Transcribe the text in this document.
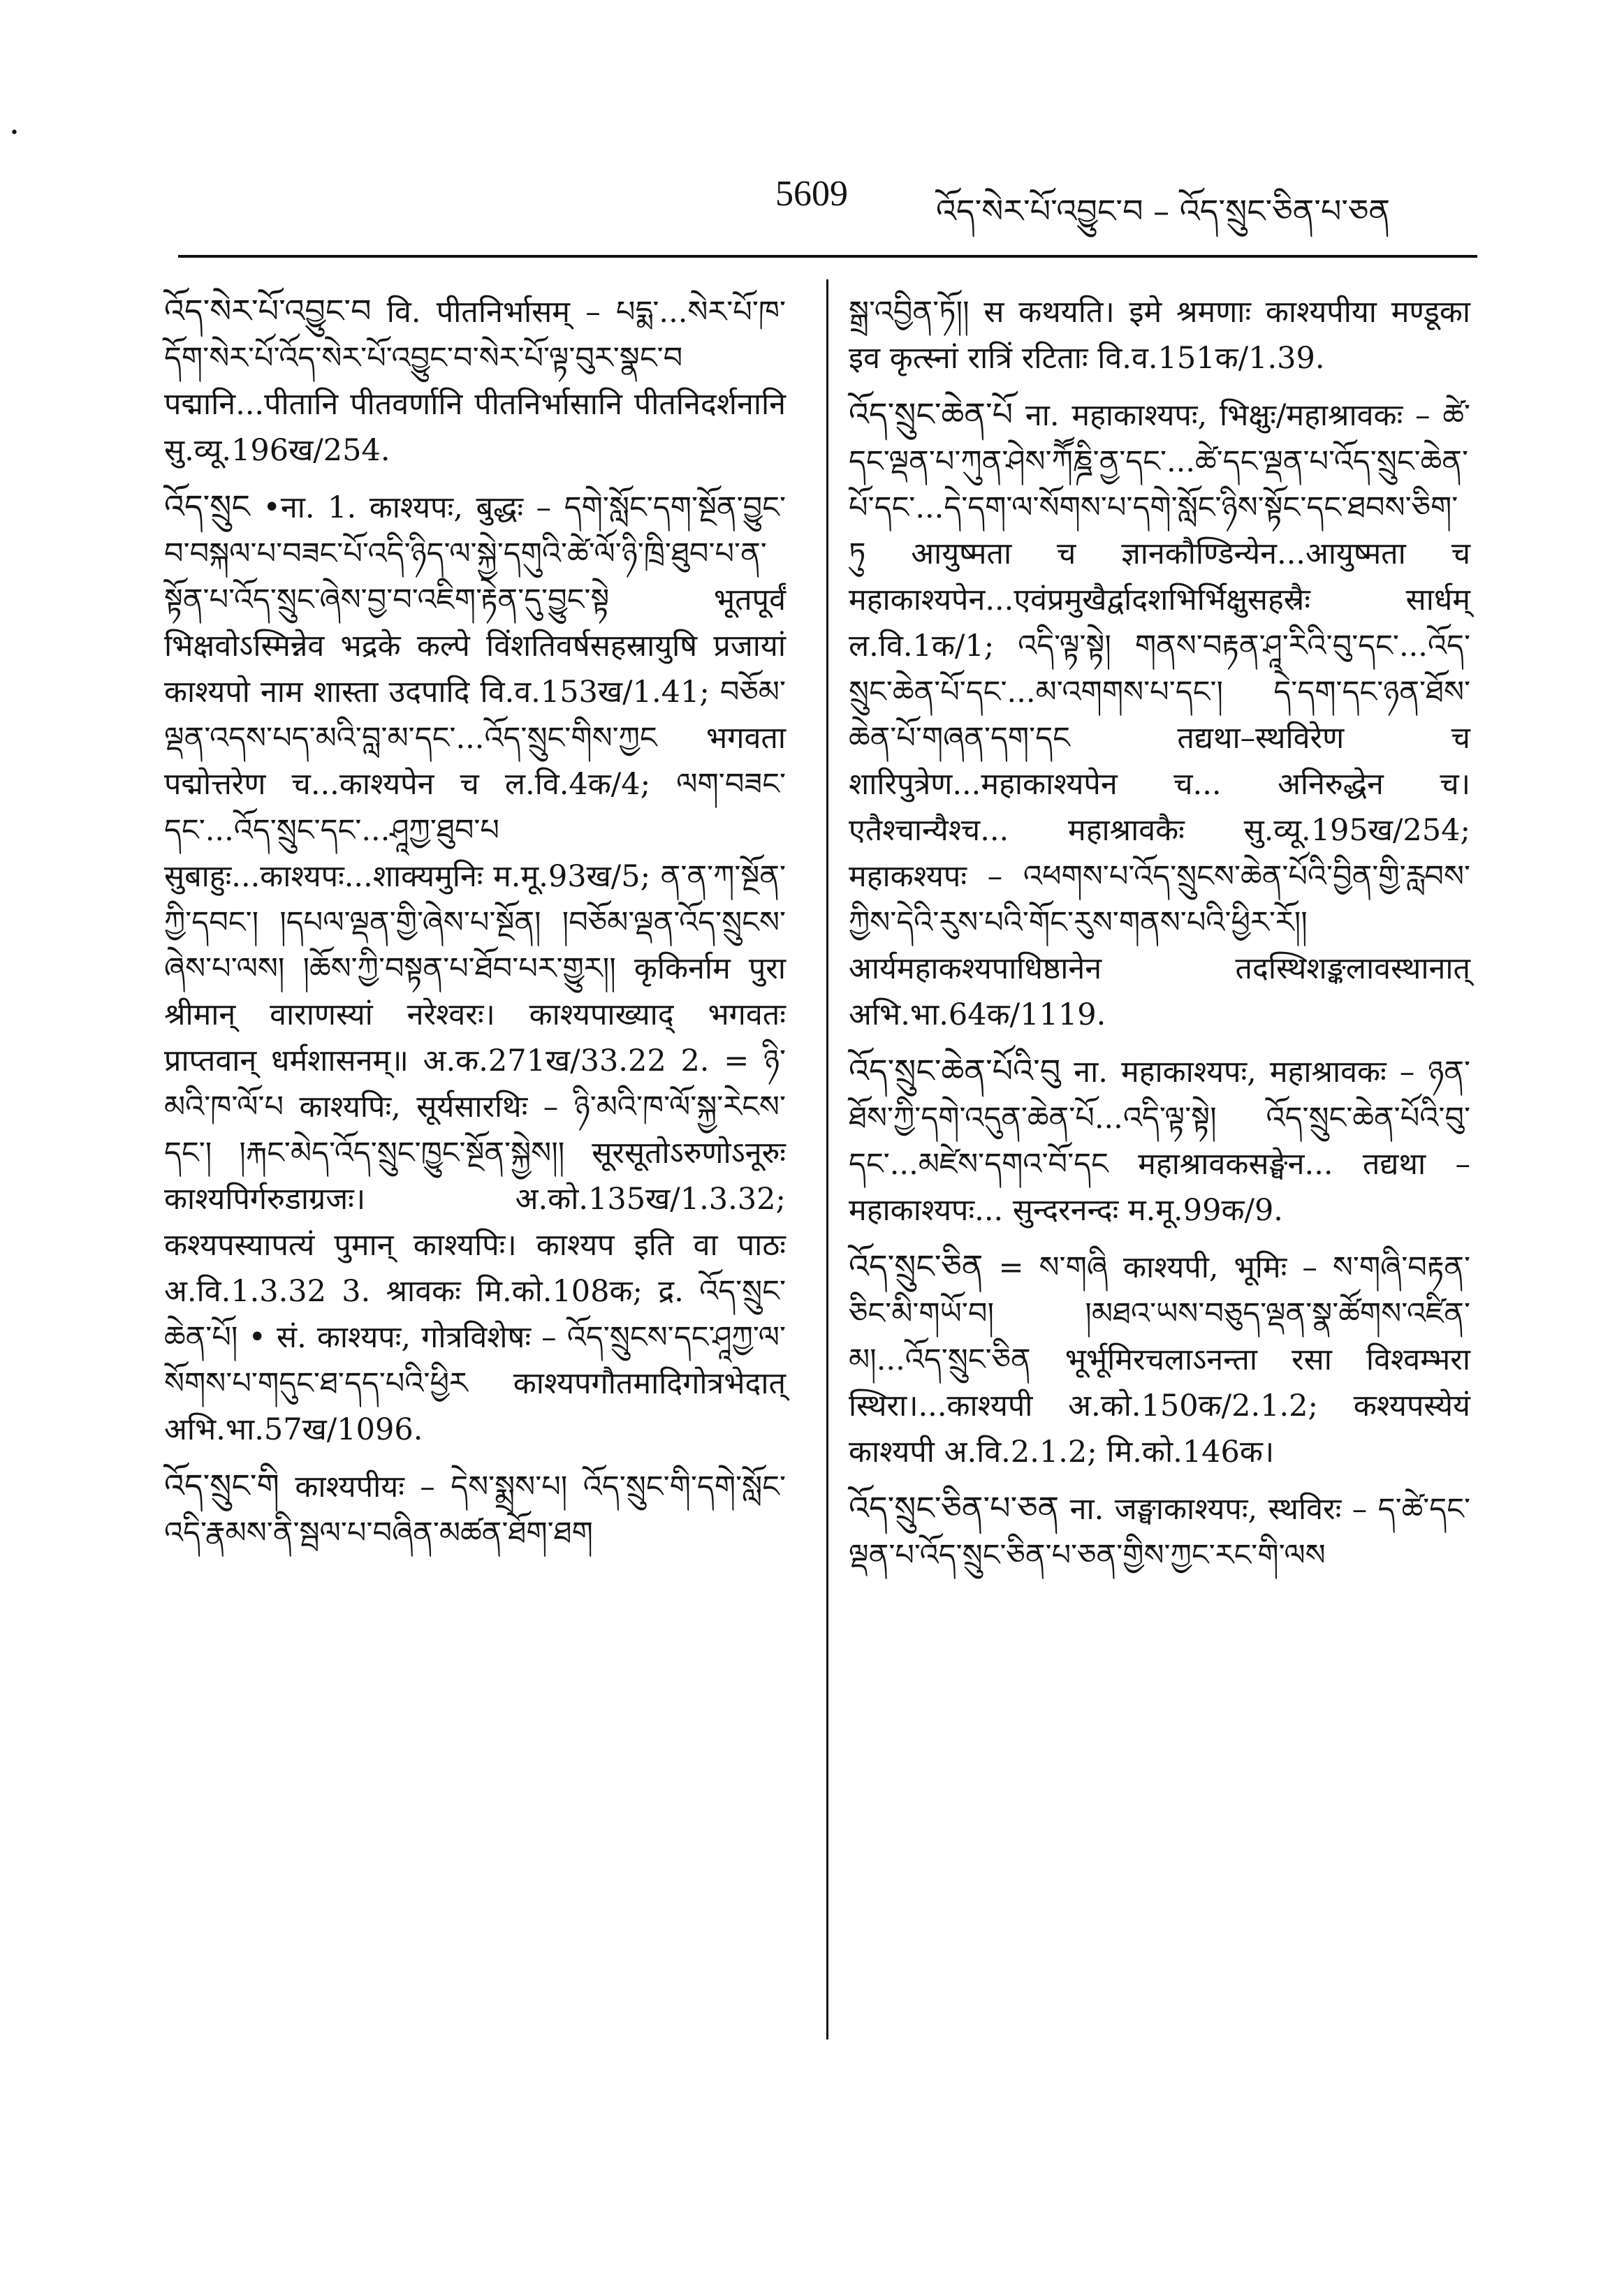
•
5609	འོད་སེར་པོ་འབྱུང་བ – འོད་སྲུང་ཅིན་པ་ཅན

འོད་སེར་པོ་འབྱུང་བ वि. पीतनिर्भासम् – པདྨ་...སེར་པོ་ཁ་དོག་སེར་པོ་འོད་སེར་པོ་འབྱུང་བ་སེར་པོ་ལྟ་བུར་སྣང་བ पद्मानि...पीतानि पीतवर्णानि पीतनिर्भासानि पीतनिदर्शनानि सु.व्यू.196ख/254.

འོད་སྲུང •ना. 1. काश्यपः, बुद्धः – དགེ་སློང་དག་སྔོན་བྱུང་བ་བསྐལ་པ་བཟང་པོ་འདི་ཉིད་ལ་སྐྱེ་དགུའི་ཚེ་ལོ་ཉི་ཁྲི་ཐུབ་པ་ན་སྟོན་པ་འོད་སྲུང་ཞེས་བྱ་བ་འཇིག་རྟེན་དུ་བྱུང་སྟེ भूतपूर्वं भिक्षवोऽस्मिन्नेव भद्रके कल्पे विंशतिवर्षसहस्रायुषि प्रजायां काश्यपो नाम शास्ता उदपादि वि.व.153ख/1.41; བཅོམ་ལྡན་འདས་པད་མའི་བླ་མ་དང་...འོད་སྲུང་གིས་ཀྱང भगवता पद्मोत्तरेण च...काश्यपेन च ल.वि.4क/4; ལག་བཟང་དང་...འོད་སྲུང་དང་...ཤཱཀྱ་ཐུབ་པ सुबाहुः...काश्यपः...शाक्यमुनिः म.मू.93ख/5; ན་ན་ཀ་སྔོན་ཀྱི་དབང་། །དཔལ་ལྡན་གྱི་ཞེས་པ་སྔོན། །བཅོམ་ལྡན་འོད་སྲུངས་ཞེས་པ་ལས། །ཆོས་ཀྱི་བསྟན་པ་ཐོབ་པར་གྱུར།། कृकिर्नाम पुरा श्रीमान् वाराणस्यां नरेश्वरः। काश्यपाख्याद् भगवतः प्राप्तवान् धर्मशासनम्॥ अ.क.271ख/33.22 2. = ཉི་མའི་ཁ་ལོ་པ काश्यपिः, सूर्यसारथिः – ཉི་མའི་ཁ་ལོ་སྐྱ་རེངས་དང་། །རྐང་མེད་འོད་སྲུང་ཁྱུང་སྔོན་སྐྱེས།། सूरसूतोऽरुणोऽनूरुः काश्यपिर्गरुडाग्रजः। अ.को.135ख/1.3.32; कश्यपस्यापत्यं पुमान् काश्यपिः। काश्यप इति वा पाठः अ.वि.1.3.32 3. श्रावकः मि.को.108क; द्र. འོད་སྲུང་ཆེན་པོ། • सं. काश्यपः, गोत्रविशेषः – འོད་སྲུངས་དང་ཤཱཀྱ་ལ་སོགས་པ་གདུང་ཐ་དད་པའི་ཕྱིར काश्यपगौतमादिगोत्रभेदात् अभि.भा.57ख/1096.

འོད་སྲུང་གི काश्यपीयः – དེས་སྨྲས་པ། འོད་སྲུང་གི་དགེ་སློང་འདི་རྣམས་ནི་སྦལ་པ་བཞིན་མཚན་ཐོག་ཐག

སྒྲ་འབྱིན་ཏོ།། स कथयति। इमे श्रमणाः काश्यपीया मण्डूका इव कृत्स्नां रात्रिं रटिताः वि.व.151क/1.39.

འོད་སྲུང་ཆེན་པོ ना. महाकाश्यपः, भिक्षुः/महाश्रावकः – ཚེ་དང་ལྡན་པ་ཀུན་ཤེས་ཀཽཎྜི་ནྱ་དང་...ཚེ་དང་ལྡན་པ་འོད་སྲུང་ཆེན་པོ་དང་...དེ་དག་ལ་སོགས་པ་དགེ་སློང་ཉིས་སྟོང་དང་ཐབས་ཅིག་ཏུ आयुष्मता च ज्ञानकौण्डिन्येन...आयुष्मता च महाकाश्यपेन...एवंप्रमुखैर्द्वादशभिर्भिक्षुसहस्रैः सार्धम् ल.वि.1क/1; འདི་ལྟ་སྟེ། གནས་བརྟན་ཤཱ་རིའི་བུ་དང་...འོད་སྲུང་ཆེན་པོ་དང་...མ་འགགས་པ་དང་། དེ་དག་དང་ཉན་ཐོས་ཆེན་པོ་གཞན་དག་དང तद्यथा–स्थविरेण च शारिपुत्रेण...महाकाश्यपेन च... अनिरुद्धेन च। एतैश्चान्यैश्च... महाश्रावकैः सु.व्यू.195ख/254; महाकश्यपः – འཕགས་པ་འོད་སྲུངས་ཆེན་པོའི་བྱིན་གྱི་རླབས་ཀྱིས་དེའི་རུས་པའི་གོང་རུས་གནས་པའི་ཕྱིར་རོ།། आर्यमहाकश्यपाधिष्ठानेन तदस्थिशङ्कलावस्थानात् अभि.भा.64क/1119.

འོད་སྲུང་ཆེན་པོའི་བུ ना. महाकाश्यपः, महाश्रावकः – ཉན་ཐོས་ཀྱི་དགེ་འདུན་ཆེན་པོ...འདི་ལྟ་སྟེ། འོད་སྲུང་ཆེན་པོའི་བུ་དང་...མཛེས་དགའ་བོ་དང महाश्रावकसङ्घेन... तद्यथा – महाकाश्यपः... सुन्दरनन्दः म.मू.99क/9.

འོད་སྲུང་ཅིན = ས་གཞི काश्यपी, भूमिः – ས་གཞི་བརྟན་ཅིང་མི་གཡོ་བ། །མཐའ་ཡས་བཅུད་ལྡན་སྣ་ཚོགས་འཛིན་མ།...འོད་སྲུང་ཅིན भूर्भूमिरचलाऽनन्ता रसा विश्वम्भरा स्थिरा।...काश्यपी अ.को.150क/2.1.2; कश्यपस्येयं काश्यपी अ.वि.2.1.2; मि.को.146क।

འོད་སྲུང་ཅིན་པ་ཅན ना. जङ्घाकाश्यपः, स्थविरः – ད་ཚེ་དང་ལྡན་པ་འོད་སྲུང་ཅིན་པ་ཅན་གྱིས་ཀྱང་རང་གི་ལས
